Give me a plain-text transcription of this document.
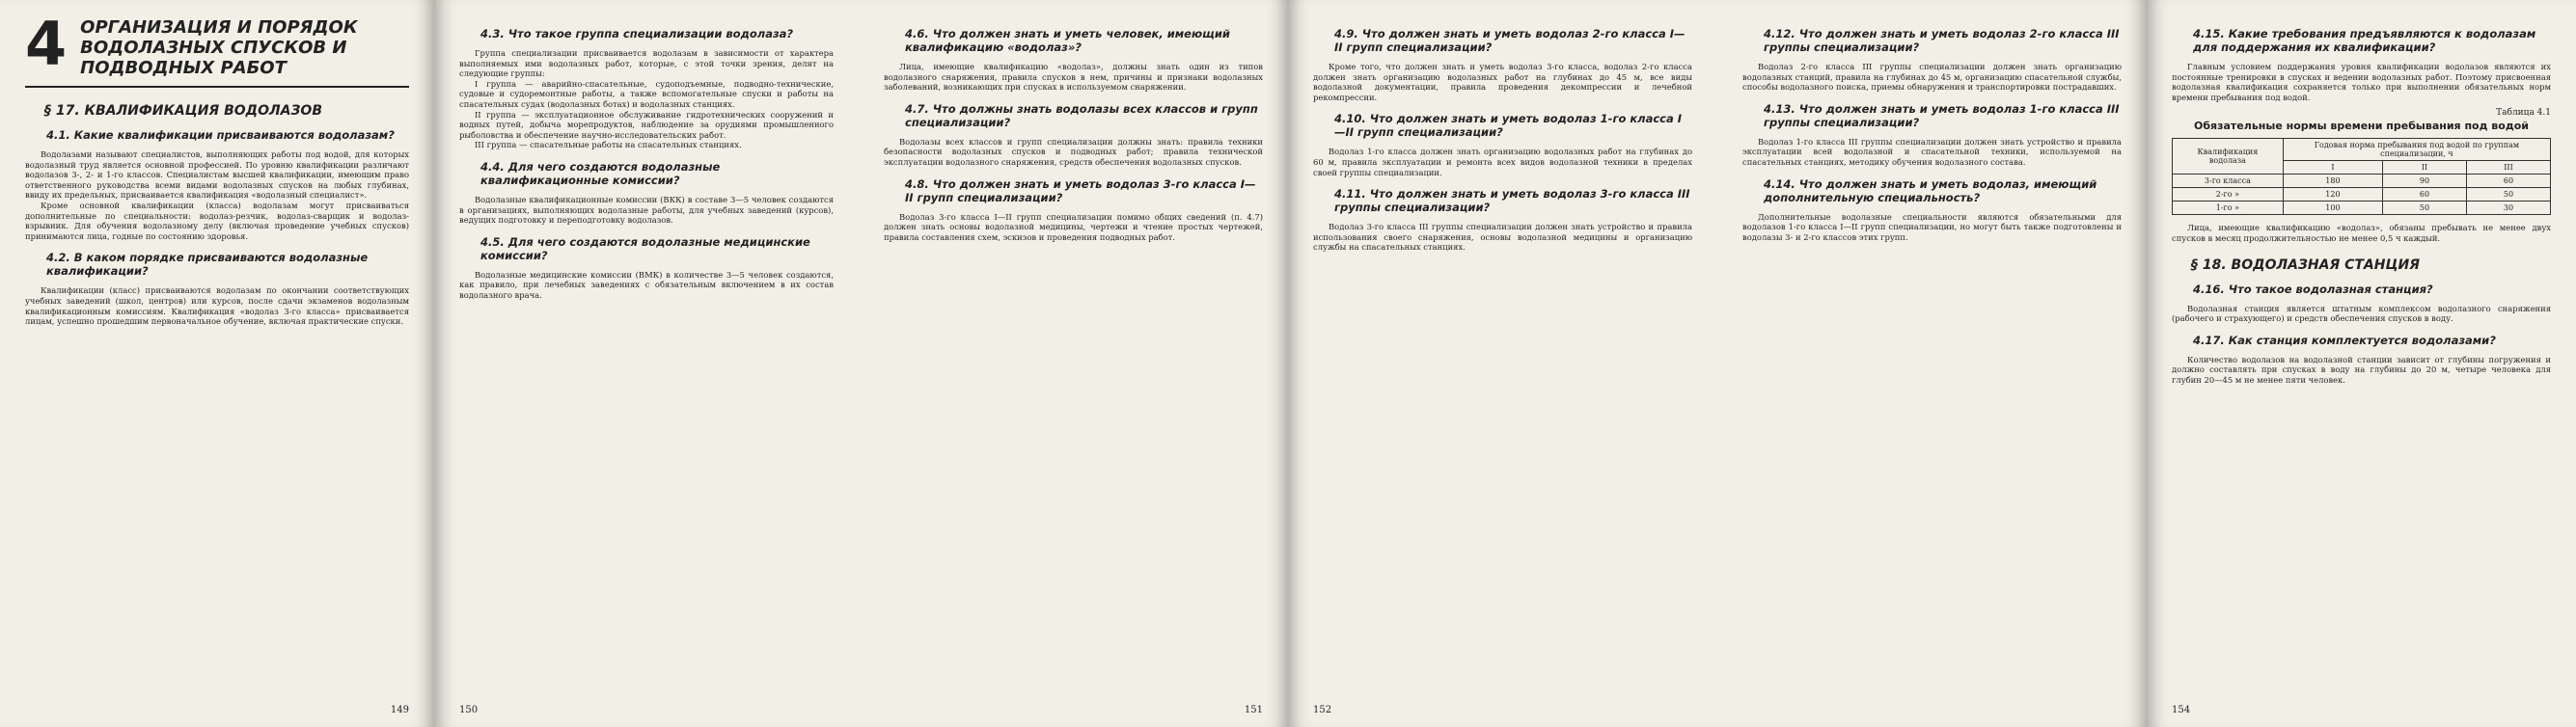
4 ОРГАНИЗАЦИЯ И ПОРЯДОК ВОДОЛАЗНЫХ СПУСКОВ И ПОДВОДНЫХ РАБОТ
§ 17. КВАЛИФИКАЦИЯ ВОДОЛАЗОВ
4.1. Какие квалификации присваиваются водолазам?

Водолазами называют специалистов, выполняющих работы под водой, для которых водолазный труд является основной профессией. По уровню квалификации различают водолазов 3-, 2- и 1-го классов. Специалистам высшей квалификации, имеющим право ответственного руководства всеми видами водолазных спусков на любых глубинах, ввиду их предельных, присваивается квалификация «водолазный специалист».

Кроме основной квалификации (класса) водолазам могут присваиваться дополнительные по специальности: водолаз-резчик, водолаз-сварщик и водолаз-взрывник. Для обучения водолазному делу (включая проведение учебных спусков) принимаются лица, годные по состоянию здоровья.

4.2. В каком порядке присваиваются водолазные квалификации?

Квалификации (класс) присваиваются водолазам по окончании соответствующих учебных заведений (школ, центров) или курсов, после сдачи экзаменов водолазным квалификационным комиссиям. Квалификация «водолаз 3-го класса» присваивается лицам, успешно прошедшим первоначальное обучение, включая практические спуски.

149
4.3. Что такое группа специализации водолаза?

Группа специализации присваивается водолазам в зависимости от характера выполняемых ими водолазных работ, которые, с этой точки зрения, делят на следующие группы:

I группа — аварийно-спасательные, судоподъемные, подводно-технические, судовые и судоремонтные работы, а также вспомогательные спуски и работы на спасательных судах (водолазных ботах) и водолазных станциях.

II группа — эксплуатационное обслуживание гидротехнических сооружений и водных путей, добыча морепродуктов, наблюдение за орудиями промышленного рыболовства и обеспечение научно-исследовательских работ.

III группа — спасательные работы на спасательных станциях.

4.4. Для чего создаются водолазные квалификационные комиссии?

Водолазные квалификационные комиссии (ВКК) в составе 3—5 человек создаются в организациях, выполняющих водолазные работы, для учебных заведений (курсов), ведущих подготовку и переподготовку водолазов.

4.5. Для чего создаются водолазные медицинские комиссии?

Водолазные медицинские комиссии (ВМК) в количестве 3—5 человек создаются, как правило, при лечебных заведениях с обязательным включением в их состав водолазного врача.

150
4.6. Что должен знать и уметь человек, имеющий квалификацию «водолаз»?

Лица, имеющие квалификацию «водолаз», должны знать один из типов водолазного снаряжения, правила спусков в нем, причины и признаки водолазных заболеваний, возникающих при спусках в используемом снаряжении.

4.7. Что должны знать водолазы всех классов и групп специализации?

Водолазы всех классов и групп специализации должны знать: правила техники безопасности водолазных спусков и подводных работ; правила технической эксплуатации водолазного снаряжения, средств обеспечения водолазных спусков.

4.8. Что должен знать и уметь водолаз 3-го класса I—II групп специализации?

Водолаз 3-го класса I—II групп специализации помимо общих сведений (п. 4.7) должен знать основы водолазной медицины, чертежи и чтение простых чертежей, правила составления схем, эскизов и проведения подводных работ.

151
4.9. Что должен знать и уметь водолаз 2-го класса I—II групп специализации?

Кроме того, что должен знать и уметь водолаз 3-го класса, водолаз 2-го класса должен знать организацию водолазных работ на глубинах до 45 м, все виды водолазной документации, правила проведения декомпрессии и лечебной рекомпрессии.

4.10. Что должен знать и уметь водолаз 1-го класса I—II групп специализации?

Водолаз 1-го класса должен знать организацию водолазных работ на глубинах до 60 м, правила эксплуатации и ремонта всех видов водолазной техники в пределах своей группы специализации.

4.11. Что должен знать и уметь водолаз 3-го класса III группы специализации?

Водолаз 3-го класса III группы специализации должен знать устройство и правила использования своего снаряжения, основы водолазной медицины и организацию службы на спасательных станциях.

152
4.12. Что должен знать и уметь водолаз 2-го класса III группы специализации?

Водолаз 2-го класса III группы специализации должен знать организацию водолазных станций, правила на глубинах до 45 м, организацию спасательной службы, способы водолазного поиска, приемы обнаружения и транспортировки пострадавших.

4.13. Что должен знать и уметь водолаз 1-го класса III группы специализации?

Водолаз 1-го класса III группы специализации должен знать устройство и правила эксплуатации всей водолазной и спасательной техники, используемой на спасательных станциях, методику обучения водолазного состава.

4.14. Что должен знать и уметь водолаз, имеющий дополнительную специальность?

Дополнительные водолазные специальности являются обязательными для водолазов 1-го класса I—II групп специализации, но могут быть также подготовлены и водолазы 3- и 2-го классов этих групп.

4.15. Какие требования предъявляются к водолазам для поддержания их квалификации?

Главным условием поддержания уровня квалификации водолазов являются их постоянные тренировки в спусках и ведении водолазных работ. Поэтому присвоенная водолазная квалификация сохраняется только при выполнении обязательных норм времени пребывания под водой.

Таблица 4.1
Обязательные нормы времени пребывания под водой
Квалификация водолаза	Годовая норма пребывания под водой по группам специализации, ч		
	I	II	III
3-го класса	180	90	60
2-го »	120	60	50
1-го »	100	50	30

Лица, имеющие квалификацию «водолаз», обязаны пребывать не менее двух спусков в месяц продолжительностью не менее 0,5 ч каждый.

§ 18. ВОДОЛАЗНАЯ СТАНЦИЯ
4.16. Что такое водолазная станция?

Водолазная станция является штатным комплексом водолазного снаряжения (рабочего и страхующего) и средств обеспечения спусков в воду.

4.17. Как станция комплектуется водолазами?

Количество водолазов на водолазной станции зависит от глубины погружения и должно составлять при спусках в воду на глубины до 20 м, четыре человека для глубин 20—45 м не менее пяти человек.

154
